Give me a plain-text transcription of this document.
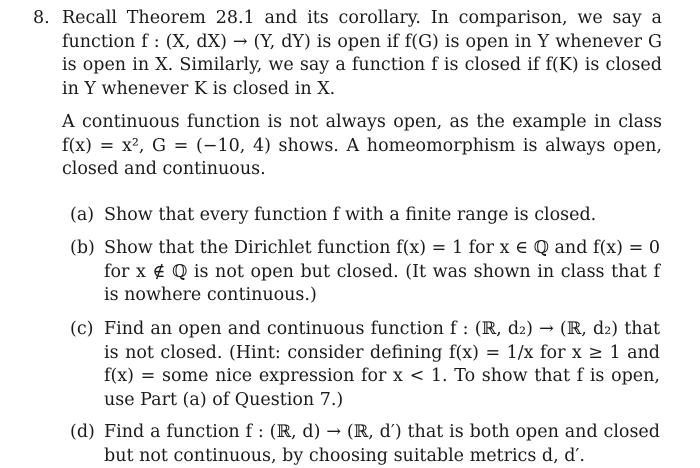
8. Recall Theorem 28.1 and its corollary. In comparison, we say a function f : (X, dX) → (Y, dY) is open if f(G) is open in Y whenever G is open in X. Similarly, we say a function f is closed if f(K) is closed in Y whenever K is closed in X.
A continuous function is not always open, as the example in class f(x) = x², G = (−10, 4) shows. A homeomorphism is always open, closed and continuous.
(a) Show that every function f with a finite range is closed.
(b) Show that the Dirichlet function f(x) = 1 for x ∈ ℚ and f(x) = 0 for x ∉ ℚ is not open but closed. (It was shown in class that f is nowhere continuous.)
(c) Find an open and continuous function f : (ℝ, d₂) → (ℝ, d₂) that is not closed. (Hint: consider defining f(x) = 1/x for x ≥ 1 and f(x) = some nice expression for x < 1. To show that f is open, use Part (a) of Question 7.)
(d) Find a function f : (ℝ, d) → (ℝ, d′) that is both open and closed but not continuous, by choosing suitable metrics d, d′.
